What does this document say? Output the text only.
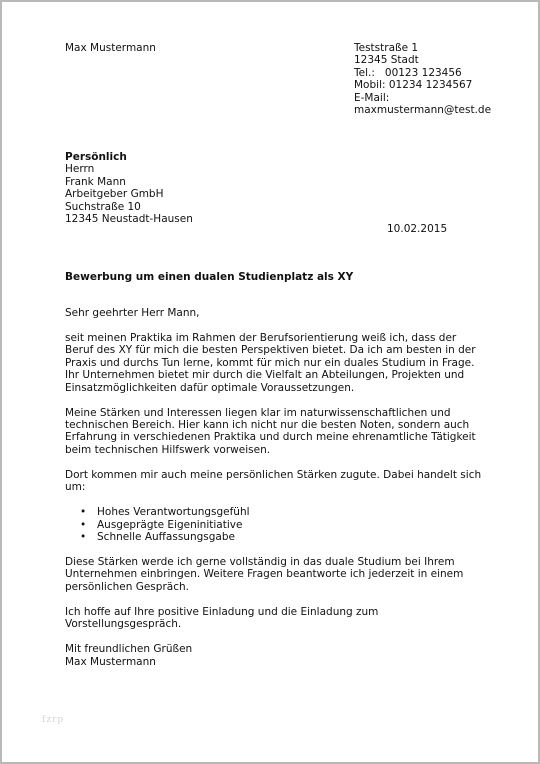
Max Mustermann	Teststraße 1
12345 Stadt
Tel.:   00123 123456
Mobil: 01234 1234567
E-Mail:
maxmustermann@test.de
Persönlich
Herrn
Frank Mann
Arbeitgeber GmbH
Suchstraße 10
12345 Neustadt-Hausen
10.02.2015
Bewerbung um einen dualen Studienplatz als XY

Sehr geehrter Herr Mann,

seit meinen Praktika im Rahmen der Berufsorientierung weiß ich, dass der Beruf des XY für mich die besten Perspektiven bietet. Da ich am besten in der Praxis und durchs Tun lerne, kommt für mich nur ein duales Studium in Frage. Ihr Unternehmen bietet mir durch die Vielfalt an Abteilungen, Projekten und Einsatzmöglichkeiten dafür optimale Voraussetzungen.

Meine Stärken und Interessen liegen klar im naturwissenschaftlichen und technischen Bereich. Hier kann ich nicht nur die besten Noten, sondern auch Erfahrung in verschiedenen Praktika und durch meine ehrenamtliche Tätigkeit beim technischen Hilfswerk vorweisen.

Dort kommen mir auch meine persönlichen Stärken zugute. Dabei handelt sich um:

• Hohes Verantwortungsgefühl
• Ausgeprägte Eigeninitiative
• Schnelle Auffassungsgabe

Diese Stärken werde ich gerne vollständig in das duale Studium bei Ihrem Unternehmen einbringen. Weitere Fragen beantworte ich jederzeit in einem persönlichen Gespräch.

Ich hoffe auf Ihre positive Einladung und die Einladung zum Vorstellungsgespräch.

Mit freundlichen Grüßen
Max Mustermann
fzrp
